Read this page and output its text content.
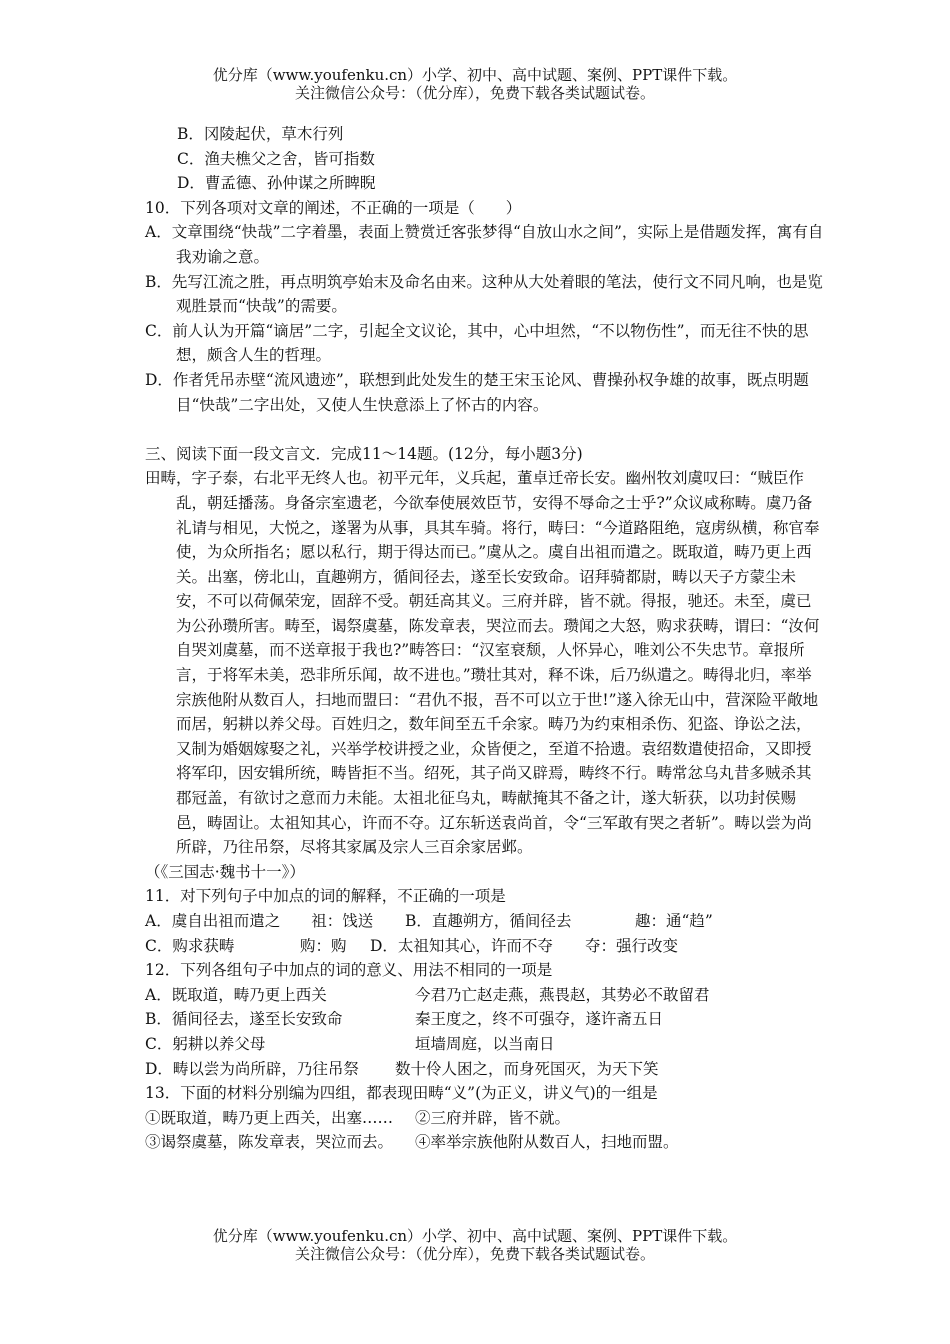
优分库（www.youfenku.cn）小学、初中、高中试题、案例、PPT课件下载。
关注微信公众号：（优分库），免费下载各类试题试卷。
B．冈陵起伏，草木行列
C．渔夫樵父之舍，皆可指数
D．曹孟德、孙仲谋之所睥睨
10．下列各项对文章的阐述，不正确的一项是（　　）
A．文章围绕“快哉”二字着墨，表面上赞赏迁客张梦得“自放山水之间”，实际上是借题发挥，寓有自我劝谕之意。
B．先写江流之胜，再点明筑亭始末及命名由来。这种从大处着眼的笔法，使行文不同凡响，也是览观胜景而“快哉”的需要。
C．前人认为开篇“谪居”二字，引起全文议论，其中，心中坦然，“不以物伤性”，而无往不快的思想，颇含人生的哲理。
D．作者凭吊赤壁“流风遗迹”，联想到此处发生的楚王宋玉论风、曹操孙权争雄的故事，既点明题目“快哉”二字出处，又使人生快意添上了怀古的内容。
三、阅读下面一段文言文．完成11～14题。(12分，每小题3分)
田畴，字子泰，右北平无终人也。初平元年，义兵起，董卓迁帝长安。幽州牧刘虞叹曰：“贼臣作乱，朝廷播荡。身备宗室遗老，今欲奉使展效臣节，安得不辱命之士乎?”众议咸称畴。虞乃备礼请与相见，大悦之，遂署为从事，具其车骑。将行，畴曰：“今道路阻绝，寇虏纵横，称官奉使，为众所指名；愿以私行，期于得达而已。”虞从之。虞自出祖而遣之。既取道，畴乃更上西关。出塞，傍北山，直趣朔方，循间径去，遂至长安致命。诏拜骑都尉，畴以天子方蒙尘未安，不可以荷佩荣宠，固辞不受。朝廷高其义。三府并辟，皆不就。得报，驰还。未至，虞已为公孙瓒所害。畴至，谒祭虞墓，陈发章表，哭泣而去。瓒闻之大怒，购求获畴，谓曰：“汝何自哭刘虞墓，而不送章报于我也?”畴答曰：“汉室衰颓，人怀异心，唯刘公不失忠节。章报所言，于将军未美，恐非所乐闻，故不进也。”瓒壮其对，释不诛，后乃纵遣之。畴得北归，率举宗族他附从数百人，扫地而盟曰：“君仇不报，吾不可以立于世!”遂入徐无山中，营深险平敞地而居，躬耕以养父母。百姓归之，数年间至五千余家。畴乃为约束相杀伤、犯盗、诤讼之法，又制为婚姻嫁娶之礼，兴举学校讲授之业，众皆便之，至道不拾遗。袁绍数遣使招命，又即授将军印，因安辑所统，畴皆拒不当。绍死，其子尚又辟焉，畴终不行。畴常忿乌丸昔多贼杀其郡冠盖，有欲讨之意而力未能。太祖北征乌丸，畴献掩其不备之计，遂大斩获，以功封侯赐邑，畴固让。太祖知其心，许而不夺。辽东斩送袁尚首，令“三军敢有哭之者斩”。畴以尝为尚所辟，乃往吊祭，尽将其家属及宗人三百余家居邺。
（《三国志·魏书十一》）
11．对下列句子中加点的词的解释，不正确的一项是
A．虞自出祖而遣之　　祖：饯送	B．直趣朔方，循间径去	趣：通“趋”
C．购求获畴	购：购	D．太祖知其心，许而不夺	夺：强行改变
12．下列各组句子中加点的词的意义、用法不相同的一项是
A．既取道，畴乃更上西关	今君乃亡赵走燕，燕畏赵，其势必不敢留君
B．循间径去，遂至长安致命	秦王度之，终不可强夺，遂许斋五日
C．躬耕以养父母	垣墙周庭，以当南日
D．畴以尝为尚所辟，乃往吊祭	数十伶人困之，而身死国灭，为天下笑
13．下面的材料分别编为四组，都表现田畴“义”(为正义，讲义气)的一组是
①既取道，畴乃更上西关，出塞……	②三府并辟，皆不就。
③谒祭虞墓，陈发章表，哭泣而去。	④率举宗族他附从数百人，扫地而盟。
优分库（www.youfenku.cn）小学、初中、高中试题、案例、PPT课件下载。
关注微信公众号：（优分库），免费下载各类试题试卷。
